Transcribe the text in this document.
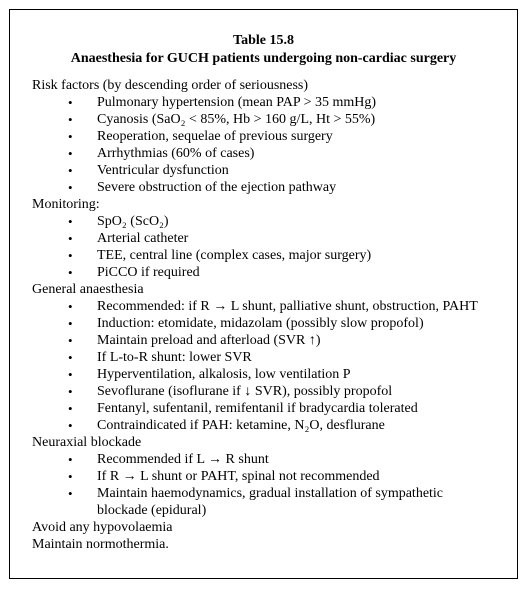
Table 15.8
Anaesthesia for GUCH patients undergoing non-cardiac surgery

Risk factors (by descending order of seriousness)

• Pulmonary hypertension (mean PAP > 35 mmHg)
• Cyanosis (SaO₂ < 85%, Hb > 160 g/L, Ht > 55%)
• Reoperation, sequelae of previous surgery
• Arrhythmias (60% of cases)
• Ventricular dysfunction
• Severe obstruction of the ejection pathway

Monitoring:

• SpO₂ (ScO₂)
• Arterial catheter
• TEE, central line (complex cases, major surgery)
• PiCCO if required

General anaesthesia

• Recommended: if R → L shunt, palliative shunt, obstruction, PAHT
• Induction: etomidate, midazolam (possibly slow propofol)
• Maintain preload and afterload (SVR ↑)
• If L-to-R shunt: lower SVR
• Hyperventilation, alkalosis, low ventilation P
• Sevoflurane (isoflurane if ↓ SVR), possibly propofol
• Fentanyl, sufentanil, remifentanil if bradycardia tolerated
• Contraindicated if PAH: ketamine, N₂O, desflurane

Neuraxial blockade

• Recommended if L → R shunt
• If R → L shunt or PAHT, spinal not recommended
• Maintain haemodynamics, gradual installation of sympathetic
blockade (epidural)

Avoid any hypovolaemia

Maintain normothermia.
